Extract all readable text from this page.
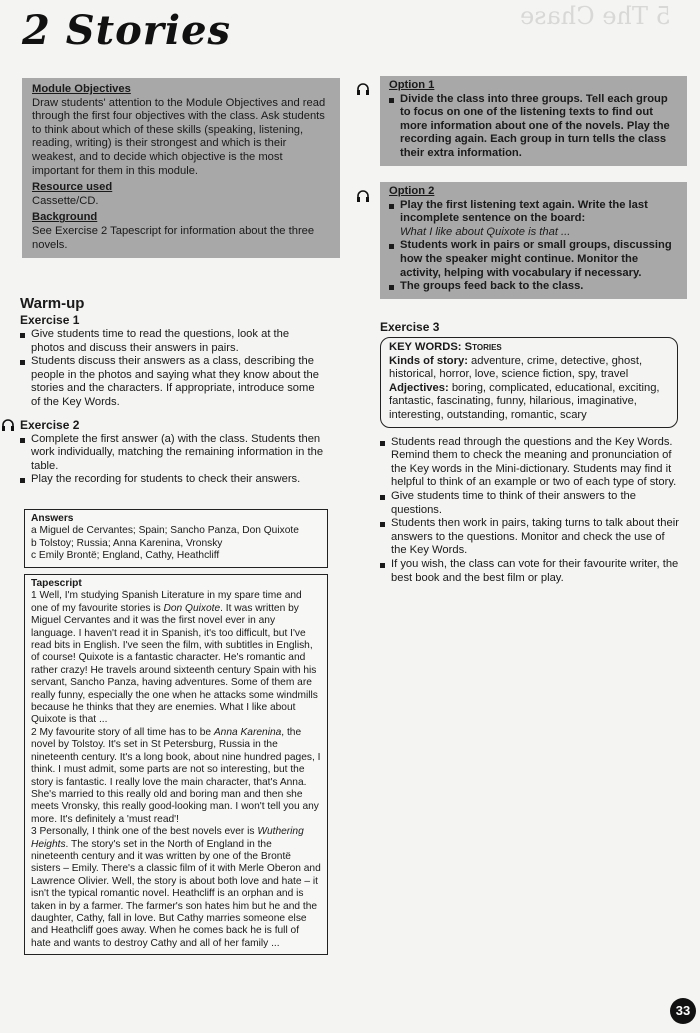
5 The Chase
2 Stories
Module Objectives
Draw students' attention to the Module Objectives and read through the first four objectives with the class. Ask students to think about which of these skills (speaking, listening, reading, writing) is their strongest and which is their weakest, and to decide which objective is the most important for them in this module.
Resource used
Cassette/CD.
Background
See Exercise 2 Tapescript for information about the three novels.
Warm-up
Exercise 1
Give students time to read the questions, look at the photos and discuss their answers in pairs.
Students discuss their answers as a class, describing the people in the photos and saying what they know about the stories and the characters. If appropriate, introduce some of the Key Words.
Exercise 2
Complete the first answer (a) with the class. Students then work individually, matching the remaining information in the table.
Play the recording for students to check their answers.
Answers
a Miguel de Cervantes; Spain; Sancho Panza, Don Quixote
b Tolstoy; Russia; Anna Karenina, Vronsky
c Emily Brontë; England, Cathy, Heathcliff
Tapescript
1 Well, I'm studying Spanish Literature in my spare time and one of my favourite stories is Don Quixote. It was written by Miguel Cervantes and it was the first novel ever in any language. I haven't read it in Spanish, it's too difficult, but I've read bits in English. I've seen the film, with subtitles in English, of course! Quixote is a fantastic character. He's romantic and rather crazy! He travels around sixteenth century Spain with his servant, Sancho Panza, having adventures. Some of them are really funny, especially the one when he attacks some windmills because he thinks that they are enemies. What I like about Quixote is that ...
2 My favourite story of all time has to be Anna Karenina, the novel by Tolstoy. It's set in St Petersburg, Russia in the nineteenth century. It's a long book, about nine hundred pages, I think. I must admit, some parts are not so interesting, but the story is fantastic. I really love the main character, that's Anna. She's married to this really old and boring man and then she meets Vronsky, this really good-looking man. I won't tell you any more. It's definitely a 'must read'!
3 Personally, I think one of the best novels ever is Wuthering Heights. The story's set in the North of England in the nineteenth century and it was written by one of the Brontë sisters – Emily. There's a classic film of it with Merle Oberon and Lawrence Olivier. Well, the story is about both love and hate – it isn't the typical romantic novel. Heathcliff is an orphan and is taken in by a farmer. The farmer's son hates him but he and the daughter, Cathy, fall in love. But Cathy marries someone else and Heathcliff goes away. When he comes back he is full of hate and wants to destroy Cathy and all of her family ...
Option 1
Divide the class into three groups. Tell each group to focus on one of the listening texts to find out more information about one of the novels. Play the recording again. Each group in turn tells the class their extra information.
Option 2
Play the first listening text again. Write the last incomplete sentence on the board:
What I like about Quixote is that ...
Students work in pairs or small groups, discussing how the speaker might continue. Monitor the activity, helping with vocabulary if necessary.
The groups feed back to the class.
Exercise 3
KEY WORDS: Stories
Kinds of story: adventure, crime, detective, ghost, historical, horror, love, science fiction, spy, travel
Adjectives: boring, complicated, educational, exciting, fantastic, fascinating, funny, hilarious, imaginative, interesting, outstanding, romantic, scary
Students read through the questions and the Key Words. Remind them to check the meaning and pronunciation of the Key words in the Mini-dictionary. Students may find it helpful to think of an example or two of each type of story.
Give students time to think of their answers to the questions.
Students then work in pairs, taking turns to talk about their answers to the questions. Monitor and check the use of the Key Words.
If you wish, the class can vote for their favourite writer, the best book and the best film or play.
33
